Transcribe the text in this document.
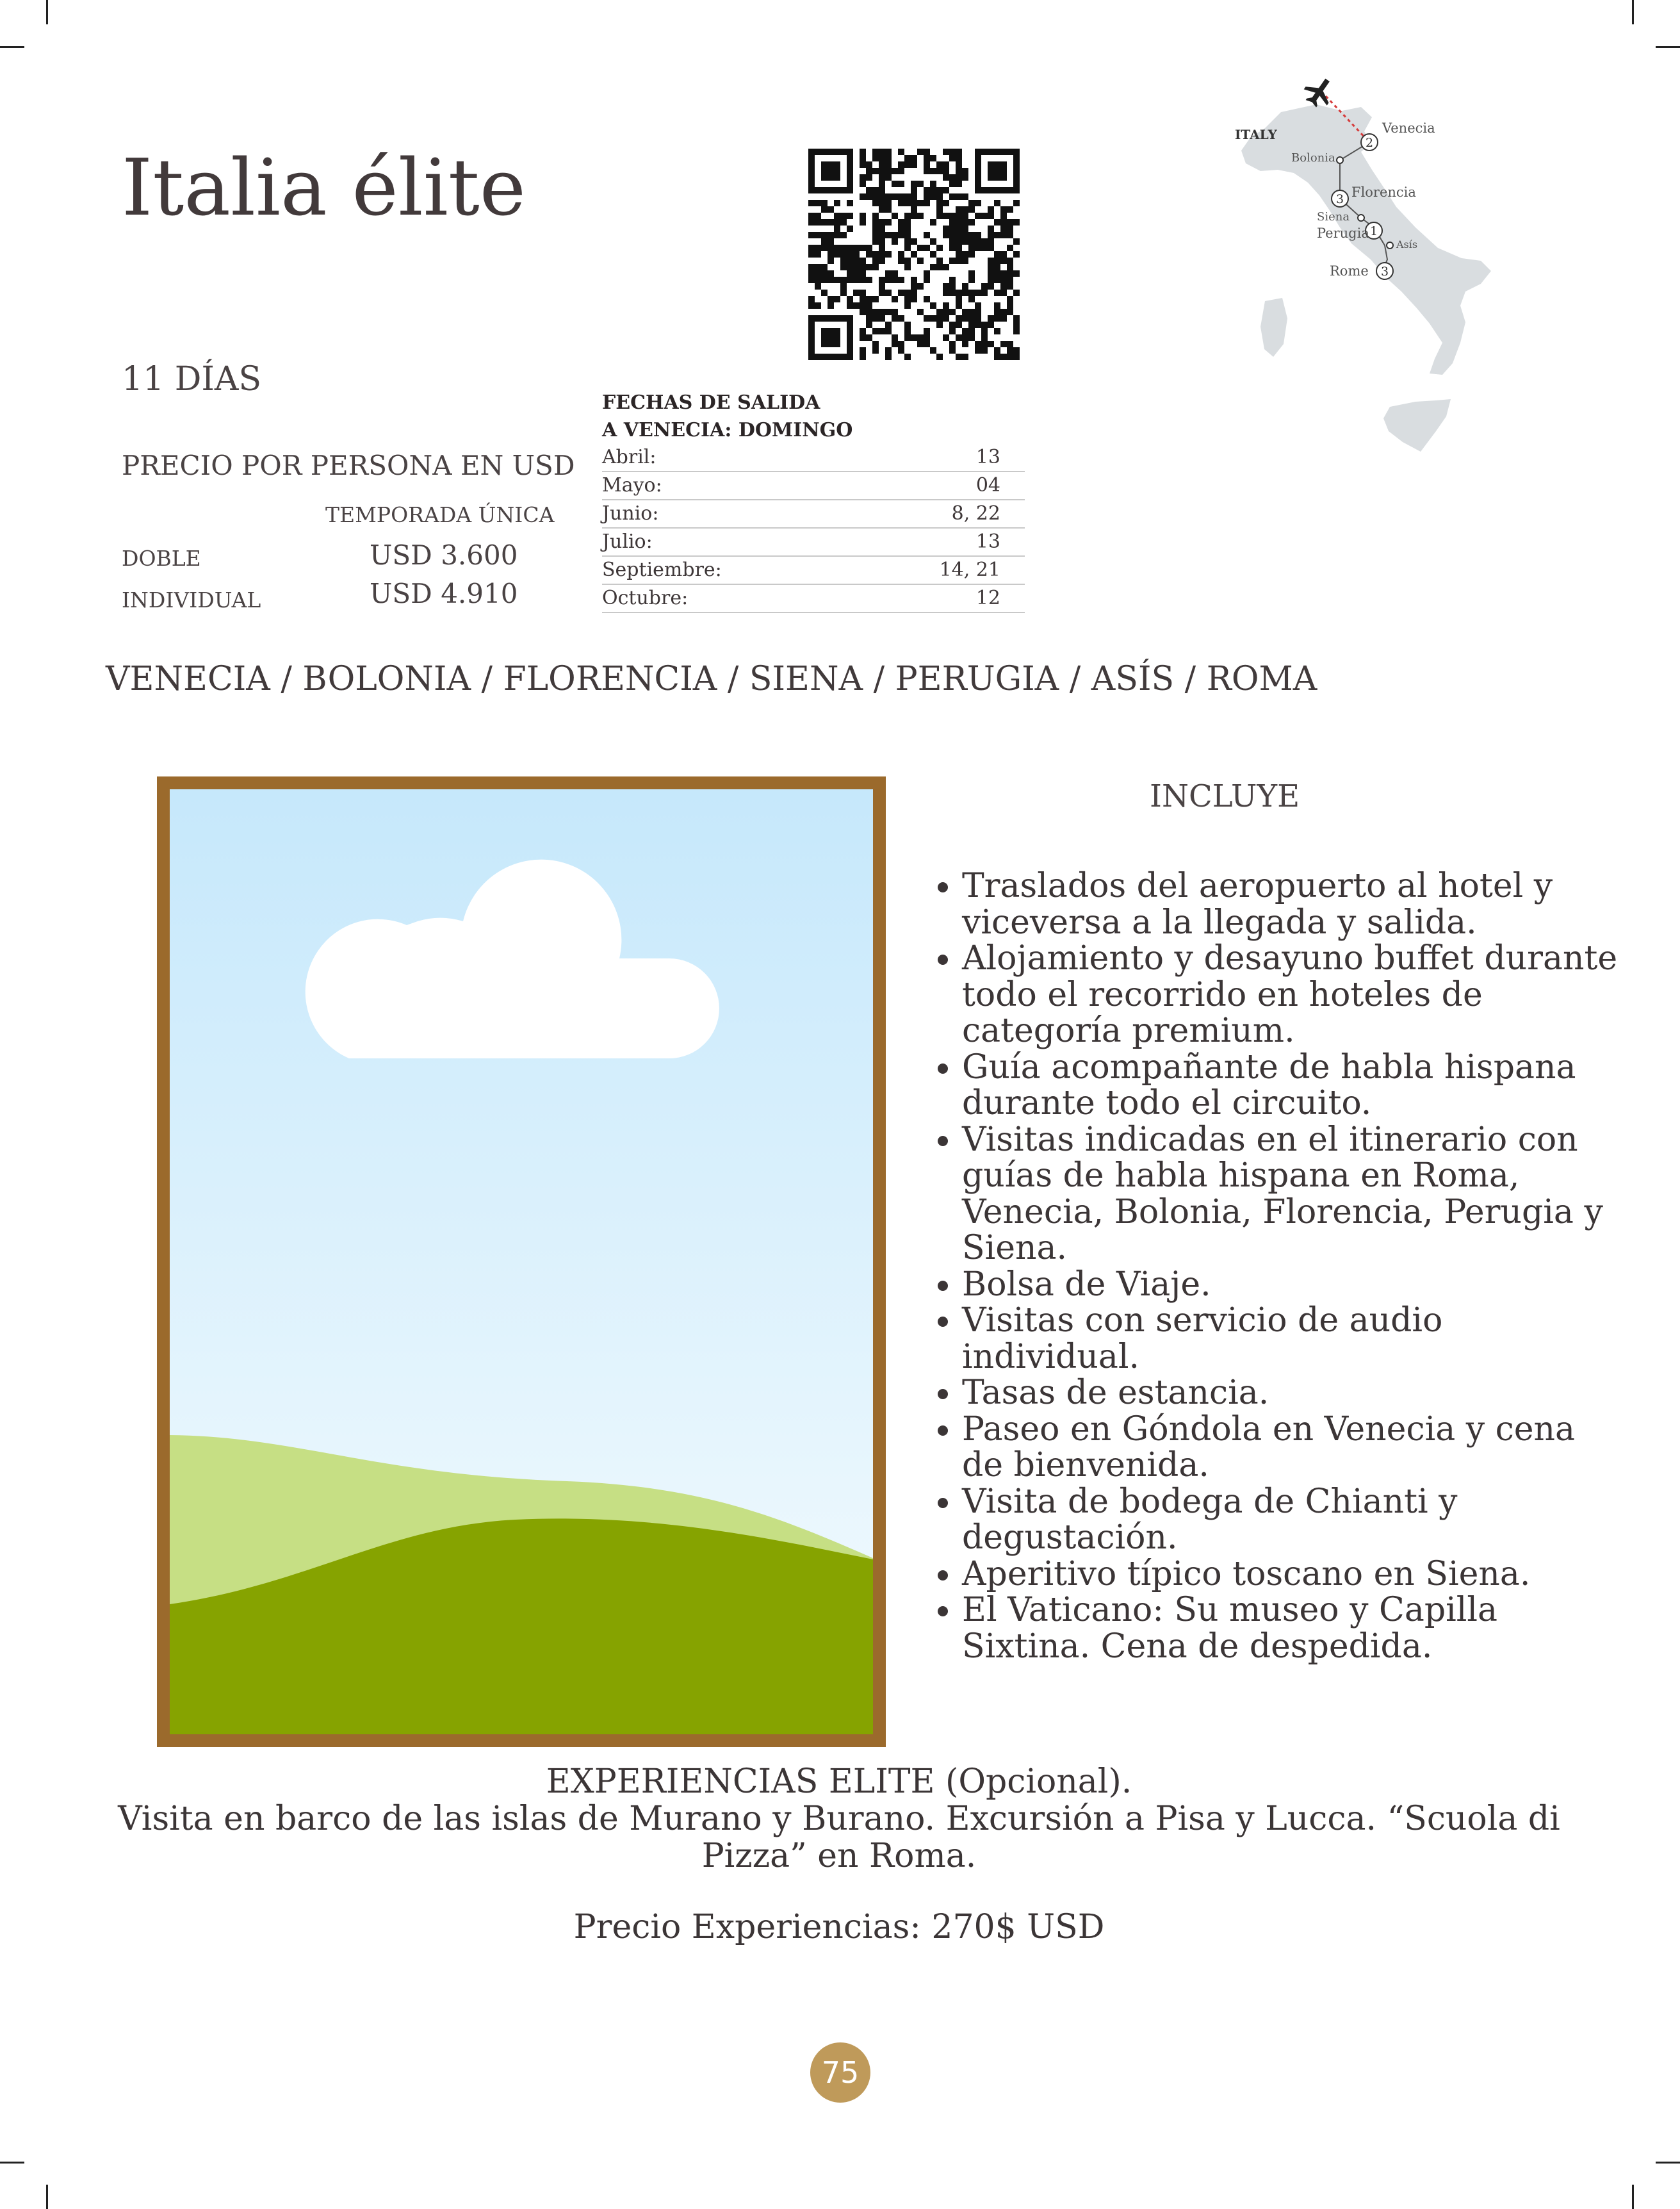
Italia élite
11 DÍAS
PRECIO POR PERSONA EN USD
TEMPORADA ÚNICA
DOBLE	USD 3.600
INDIVIDUAL	USD 4.910
FECHAS DE SALIDA
A VENECIA: DOMINGO
Abril:	13
Mayo:	04
Junio:	8, 22
Julio:	13
Septiembre:	14, 21
Octubre:	12
ITALY
2
Venecia
Bolonia
3 Florencia
Siena
1
Perugia
Asís
3
Rome
VENECIA / BOLONIA / FLORENCIA / SIENA / PERUGIA / ASÍS / ROMA
INCLUYE
• Traslados del aeropuerto al hotel y viceversa a la llegada y salida.
• Alojamiento y desayuno buffet durante todo el recorrido en hoteles de categoría premium.
• Guía acompañante de habla hispana durante todo el circuito.
• Visitas indicadas en el itinerario con guías de habla hispana en Roma, Venecia, Bolonia, Florencia, Perugia y Siena.
• Bolsa de Viaje.
• Visitas con servicio de audio individual.
• Tasas de estancia.
• Paseo en Góndola en Venecia y cena de bienvenida.
• Visita de bodega de Chianti y degustación.
• Aperitivo típico toscano en Siena.
• El Vaticano: Su museo y Capilla Sixtina. Cena de despedida.
EXPERIENCIAS ELITE (Opcional).
Visita en barco de las islas de Murano y Burano. Excursión a Pisa y Lucca. “Scuola di Pizza” en Roma.
Precio Experiencias: 270$ USD
75
